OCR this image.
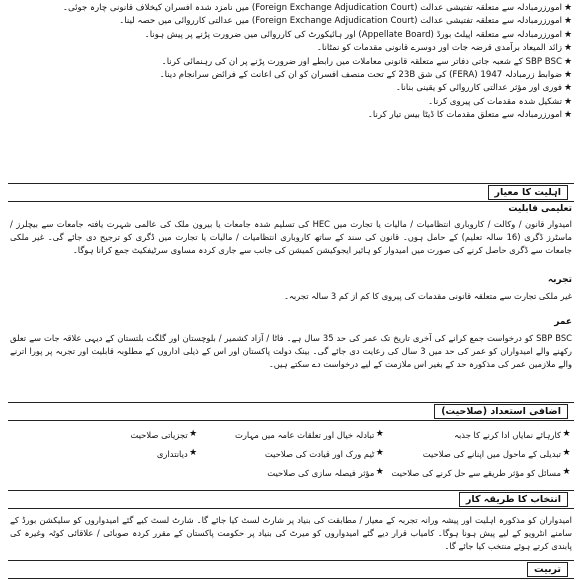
★
امورزرمبادلہ سے متعلقہ تفتیشی عدالت (Foreign Exchange Adjudication Court) میں نامزد شدہ افسران کیخلاف قانونی چارہ جوئی۔
★
امورزرمبادلہ سے متعلقہ تفتیشی عدالت (Foreign Exchange Adjudication Court) میں عدالتی کارروائی میں حصہ لینا۔
★
امورزرمبادلہ سے متعلقہ اپیلٹ بورڈ (Appellate Board) اور ہائیکورٹ کی کارروائی میں ضرورت پڑنے پر پیش ہونا۔
★
زائد المیعاد برآمدی قرضہ جات اور دوسرے قانونی مقدمات کو نمٹانا۔
★
SBP BSC کے شعبہ جاتی دفاتر سے متعلقہ قانونی معاملات میں رابطے اور ضرورت پڑنے پر ان کی رہنمائی کرنا۔
★
ضوابط زرمبادلہ 1947 (FERA) کی شق 23B کے تحت منصف افسران کو ان کی اعانت کے فرائض سرانجام دینا۔
★
فوری اور مؤثر عدالتی کارروائی کو یقینی بنانا۔
★
تشکیل شدہ مقدمات کی پیروی کرنا۔
★
امورزرمبادلہ سے متعلق مقدمات کا ڈیٹا بیس تیار کرنا۔
اہلیت کا معیار
تعلیمی قابلیت
امیدوار قانون / وکالت / کاروباری انتظامیات / مالیات یا تجارت میں HEC کی تسلیم شدہ جامعات یا بیرون ملک کی عالمی شہرت یافتہ جامعات سے بیچلرز / ماسٹرز ڈگری (16 سالہ تعلیم) کے حامل ہوں۔ قانون کی سند کے ساتھ کاروباری انتظامیات / مالیات یا تجارت میں ڈگری کو ترجیح دی جائے گی۔ غیر ملکی جامعات سے ڈگری حاصل کرنے کی صورت میں امیدوار کو ہائیر ایجوکیشن کمیشن کی جانب سے جاری کردہ مساوی سرٹیفکیٹ جمع کرانا ہوگا۔
تجربہ
غیر ملکی تجارت سے متعلقہ قانونی مقدمات کی پیروی کا کم از کم 3 سالہ تجربہ۔
عمر
SBP BSC کو درخواست جمع کرانے کی آخری تاریخ تک عمر کی حد 35 سال ہے۔ فاٹا / آزاد کشمیر / بلوچستان اور گلگت بلتستان کے دیہی علاقہ جات سے تعلق رکھنے والے امیدواران کو عمر کی حد میں 3 سال کی رعایت دی جائے گی۔ بینک دولت پاکستان اور اس کے ذیلی اداروں کے مطلوبہ قابلیت اور تجربہ پر پورا اترنے والے ملازمین عمر کی مذکورہ حد کے بغیر اس ملازمت کے لیے درخواست دے سکتے ہیں۔
اضافی استعداد (صلاحیت)
★
کارہائے نمایاں ادا کرنے کا جذبہ
★
تبادلہ خیال اور تعلقات عامہ میں مہارت
★
تجزیاتی صلاحیت
★
تبدیلی کے ماحول میں اپنانے کی صلاحیت
★
ٹیم ورک اور قیادت کی صلاحیت
★
دیانتداری
★
مسائل کو مؤثر طریقے سے حل کرنے کی صلاحیت
★
مؤثر فیصلہ سازی کی صلاحیت
انتخاب کا طریقہ کار
امیدواران کو مذکورہ اہلیت اور پیشہ ورانہ تجربہ کے معیار / مطابقت کی بنیاد پر شارٹ لسٹ کیا جائے گا۔ شارٹ لسٹ کیے گئے امیدواروں کو سلیکشن بورڈ کے سامنے انٹرویو کے لیے پیش ہونا ہوگا۔ کامیاب قرار دیے گئے امیدواروں کو میرٹ کی بنیاد پر حکومت پاکستان کے مقرر کردہ صوبائی / علاقائی کوٹہ وغیرہ کی پابندی کرتے ہوئے منتخب کیا جائے گا۔
تربیت
